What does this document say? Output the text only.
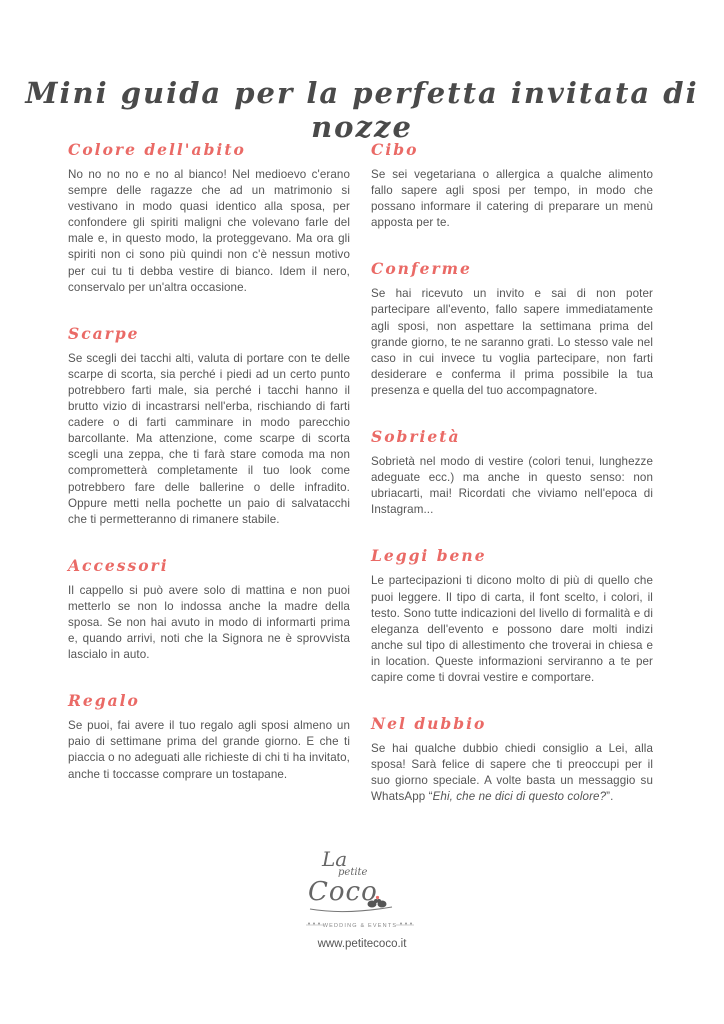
Mini guida per la perfetta invitata di nozze
Colore dell'abito

No no no no e no al bianco! Nel medioevo c'erano sempre delle ragazze che ad un matrimonio si vestivano in modo quasi identico alla sposa, per confondere gli spiriti maligni che volevano farle del male e, in questo modo, la proteggevano. Ma ora gli spiriti non ci sono più quindi non c'è nessun motivo per cui tu ti debba vestire di bianco. Idem il nero, conservalo per un'altra occasione.

Scarpe

Se scegli dei tacchi alti, valuta di portare con te delle scarpe di scorta, sia perché i piedi ad un certo punto potrebbero farti male, sia perché i tacchi hanno il brutto vizio di incastrarsi nell'erba, rischiando di farti cadere o di farti camminare in modo parecchio barcollante. Ma attenzione, come scarpe di scorta scegli una zeppa, che ti farà stare comoda ma non comprometterà completamente il tuo look come potrebbero fare delle ballerine o delle infradito. Oppure metti nella pochette un paio di salvatacchi che ti permetteranno di rimanere stabile.

Accessori

Il cappello si può avere solo di mattina e non puoi metterlo se non lo indossa anche la madre della sposa. Se non hai avuto in modo di informarti prima e, quando arrivi, noti che la Signora ne è sprovvista lascialo in auto.

Regalo

Se puoi, fai avere il tuo regalo agli sposi almeno un paio di settimane prima del grande giorno. E che ti piaccia o no adeguati alle richieste di chi ti ha invitato, anche ti toccasse comprare un tostapane.

Cibo

Se sei vegetariana o allergica a qualche alimento fallo sapere agli sposi per tempo, in modo che possano informare il catering di preparare un menù apposta per te.

Conferme

Se hai ricevuto un invito e sai di non poter partecipare all'evento, fallo sapere immediatamente agli sposi, non aspettare la settimana prima del grande giorno, te ne saranno grati. Lo stesso vale nel caso in cui invece tu voglia partecipare, non farti desiderare e conferma il prima possibile la tua presenza e quella del tuo accompagnatore.

Sobrietà

Sobrietà nel modo di vestire (colori tenui, lunghezze adeguate ecc.) ma anche in questo senso: non ubriacarti, mai! Ricordati che viviamo nell'epoca di Instagram...

Leggi bene

Le partecipazioni ti dicono molto di più di quello che puoi leggere. Il tipo di carta, il font scelto, i colori, il testo. Sono tutte indicazioni del livello di formalità e di eleganza dell'evento e possono dare molti indizi anche sul tipo di allestimento che troverai in chiesa e in location. Queste informazioni serviranno a te per capire come ti dovrai vestire e comportare.

Nel dubbio

Se hai qualche dubbio chiedi consiglio a Lei, alla sposa! Sarà felice di sapere che ti preoccupi per il suo giorno speciale. A volte basta un messaggio su WhatsApp “Ehi, che ne dici di questo colore?”.

La
petite
Coco
WEDDING & EVENTS

www.petitecoco.it
